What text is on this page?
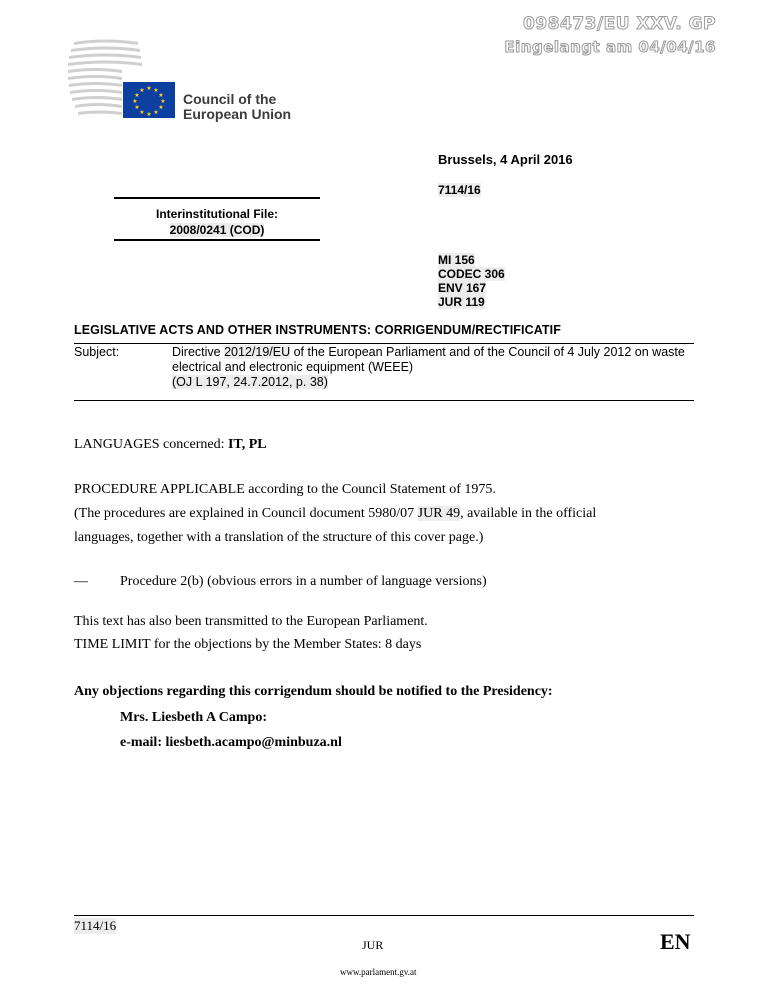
098473/EU XXV. GP
Eingelangt am 04/04/16
★ ★
★
★
★
★
★
★
★
★
★
★
Council of the
European Union
Brussels, 4 April 2016
7114/16
Interinstitutional File:
2008/0241 (COD)
MI 156
CODEC 306
ENV 167
JUR 119
LEGISLATIVE ACTS AND OTHER INSTRUMENTS: CORRIGENDUM/RECTIFICATIF
Subject:	Directive 2012/19/EU of the European Parliament and of the Council of 4 July 2012 on waste electrical and electronic equipment (WEEE)
(OJ L 197, 24.7.2012, p. 38)
LANGUAGES concerned: IT, PL
PROCEDURE APPLICABLE according to the Council Statement of 1975.
(The procedures are explained in Council document 5980/07 JUR 49, available in the official
languages, together with a translation of the structure of this cover page.)
— Procedure 2(b) (obvious errors in a number of language versions)
This text has also been transmitted to the European Parliament.
TIME LIMIT for the objections by the Member States: 8 days
Any objections regarding this corrigendum should be notified to the Presidency:
Mrs. Liesbeth A Campo:
e-mail: liesbeth.acampo@minbuza.nl
7114/16
JUR	EN
www.parlament.gv.at
